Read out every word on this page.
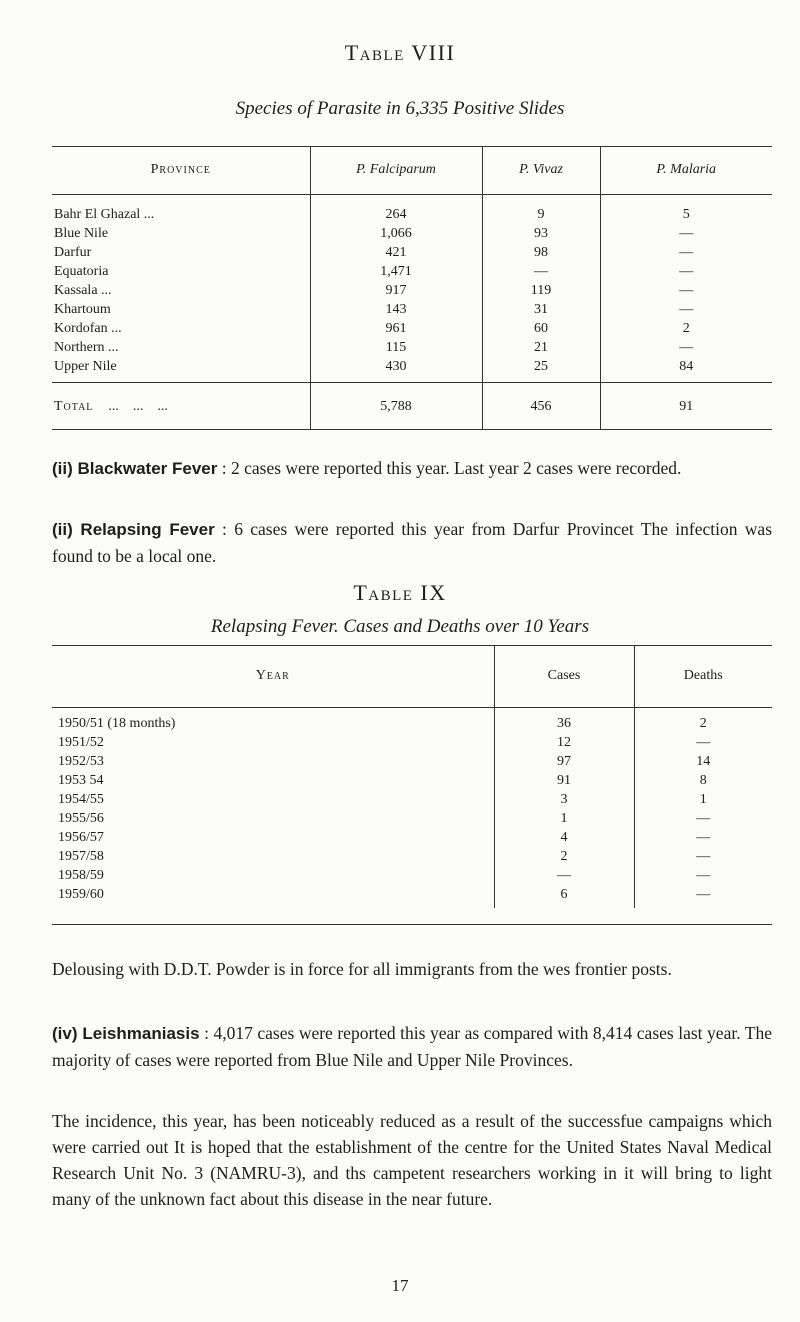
Table VIII
Species of Parasite in 6,335 Positive Slides
Province	P. Falciparum	P. Vivaz	P. Malaria
Bahr El Ghazal ...	264	9	5
Blue Nile	1,066	93	—
Darfur	421	98	—
Equatoria	1,471	—	—
Kassala ...	917	119	—
Khartoum	143	31	—
Kordofan ...	961	60	2
Northern ...	115	21	—
Upper Nile	430	25	84
Total    ...    ...    ...	5,788	456	91
(ii) Blackwater Fever : 2 cases were reported this year. Last year 2 cases were recorded.
(ii) Relapsing Fever : 6 cases were reported this year from Darfur Provincet The infection was found to be a local one.
Table IX
Relapsing Fever. Cases and Deaths over 10 Years
Year	Cases	Deaths
1950/51 (18 months)	36	2
1951/52	12	—
1952/53	97	14
1953 54	91	8
1954/55	3	1
1955/56	1	—
1956/57	4	—
1957/58	2	—
1958/59	—	—
1959/60	6	—
Delousing with D.D.T. Powder is in force for all immigrants from the wes frontier posts.
(iv) Leishmaniasis : 4,017 cases were reported this year as compared with 8,414 cases last year. The majority of cases were reported from Blue Nile and Upper Nile Provinces.
The incidence, this year, has been noticeably reduced as a result of the successfue campaigns which were carried out It is hoped that the establishment of the centre for the United States Naval Medical Research Unit No. 3 (NAMRU-3), and ths campetent researchers working in it will bring to light many of the unknown fact about this disease in the near future.
17
